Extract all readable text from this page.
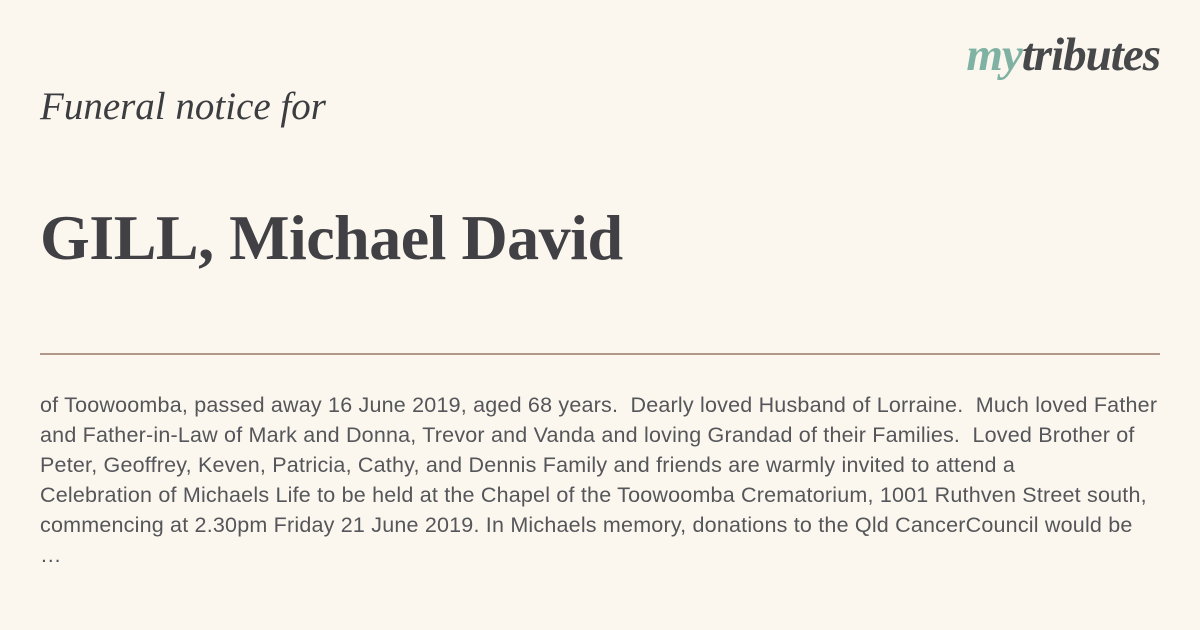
mytributes
Funeral notice for
GILL, Michael David
of Toowoomba, passed away 16 June 2019, aged 68 years.  Dearly loved Husband of Lorraine.  Much loved Father
and Father-in-Law of Mark and Donna, Trevor and Vanda and loving Grandad of their Families.  Loved Brother of
Peter, Geoffrey, Keven, Patricia, Cathy, and Dennis Family and friends are warmly invited to attend a
Celebration of Michaels Life to be held at the Chapel of the Toowoomba Crematorium, 1001 Ruthven Street south,
commencing at 2.30pm Friday 21 June 2019. In Michaels memory, donations to the Qld CancerCouncil would be
…
